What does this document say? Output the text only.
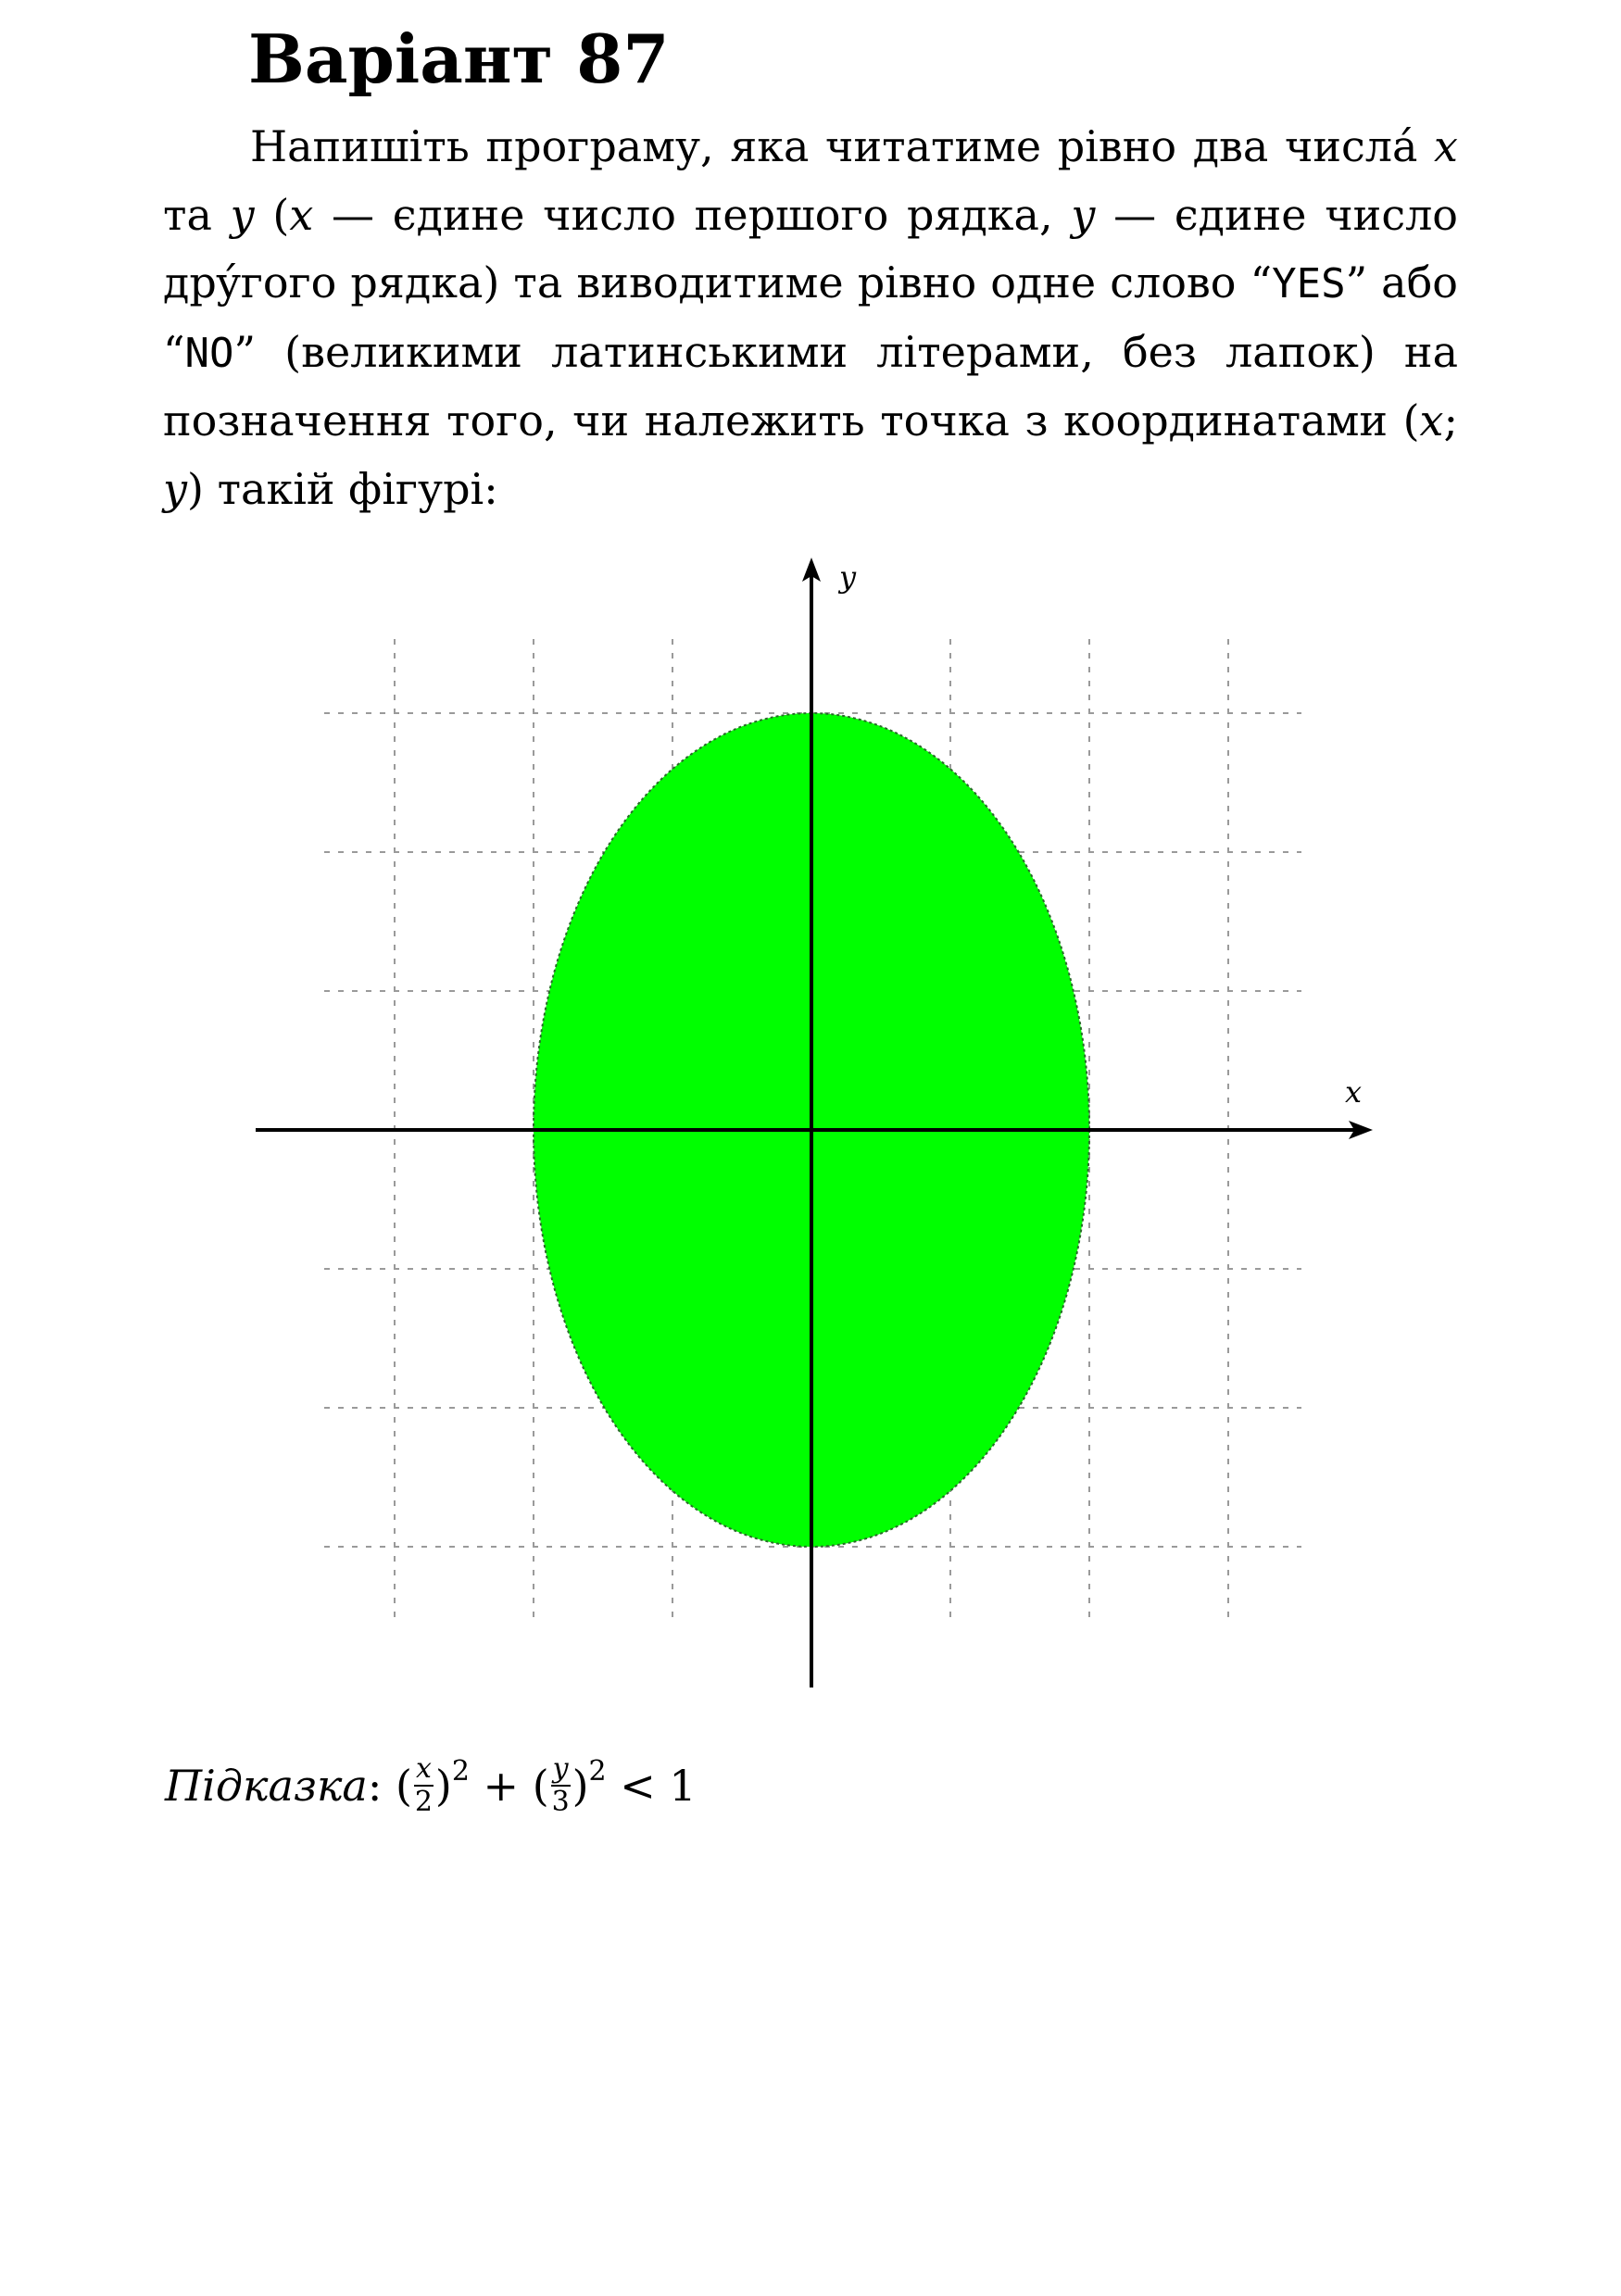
Варіант 87

Напишіть програму, яка читатиме рівно два числá x та y (x — єдине число першого рядка, y — єдине число дрýгого рядка) та виводитиме рівно одне слово “YES” або “NO” (великими латинськими літерами, без лапок) на позначення того, чи належить точка з координатами (x; y) такій фігурі:

x
y
Підказка: ( $\frac{x}{2} )^2$ + ( $\frac{y}{3} )^2 < 1$
